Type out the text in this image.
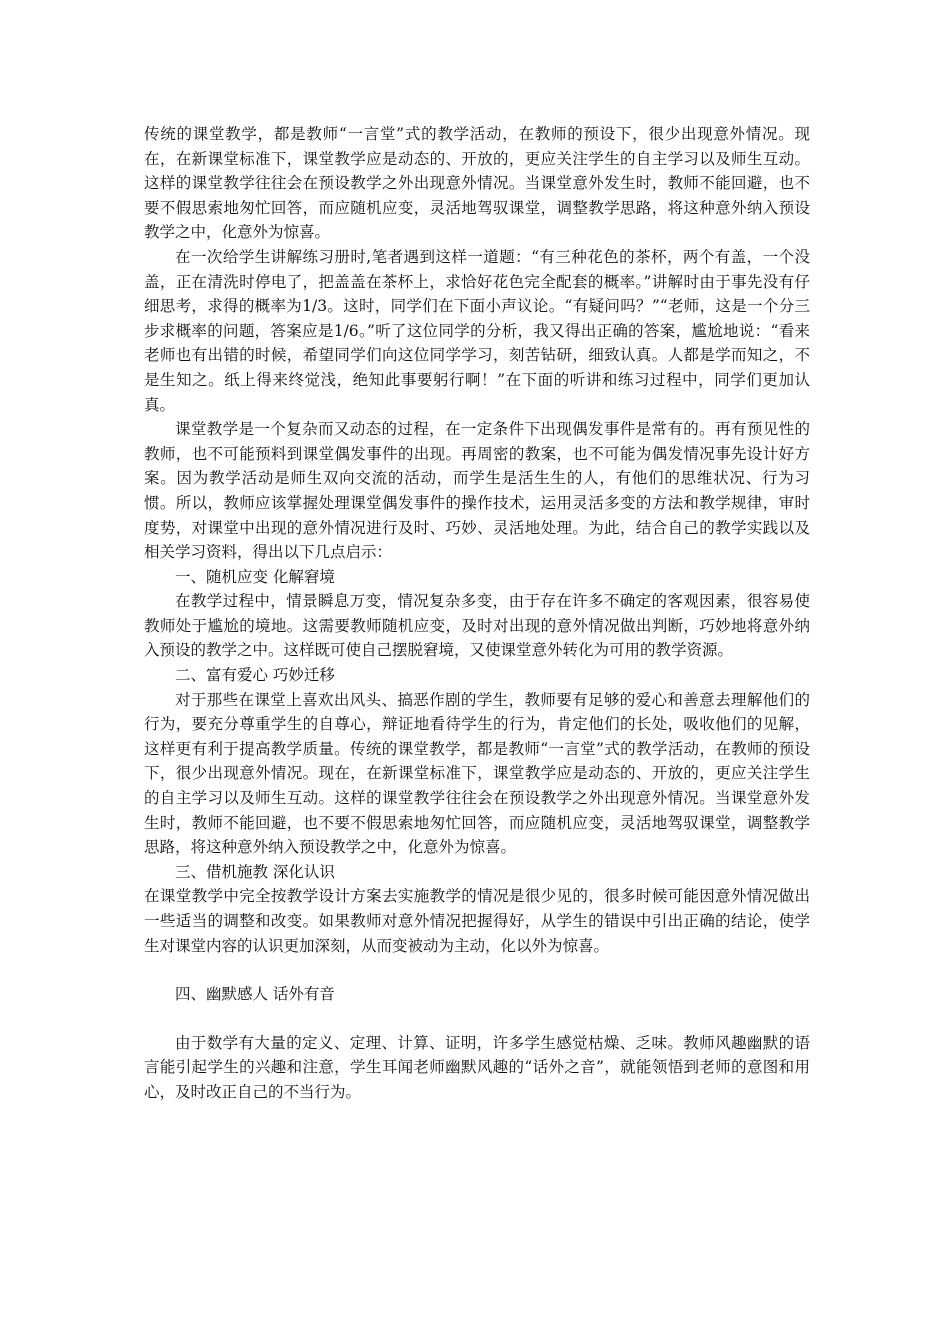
传统的课堂教学，都是教师“一言堂”式的教学活动，在教师的预设下，很少出现意外情况。现在，在新课堂标准下，课堂教学应是动态的、开放的，更应关注学生的自主学习以及师生互动。这样的课堂教学往往会在预设教学之外出现意外情况。当课堂意外发生时，教师不能回避，也不要不假思索地匆忙回答，而应随机应变，灵活地驾驭课堂，调整教学思路，将这种意外纳入预设教学之中，化意外为惊喜。

在一次给学生讲解练习册时,笔者遇到这样一道题：“有三种花色的茶杯，两个有盖，一个没盖，正在清洗时停电了，把盖盖在茶杯上，求恰好花色完全配套的概率。”讲解时由于事先没有仔细思考，求得的概率为1/3。这时，同学们在下面小声议论。“有疑问吗？”“老师，这是一个分三步求概率的问题，答案应是1/6。”听了这位同学的分析，我又得出正确的答案，尴尬地说：“看来老师也有出错的时候，希望同学们向这位同学学习，刻苦钻研，细致认真。人都是学而知之，不是生知之。纸上得来终觉浅，绝知此事要躬行啊！”在下面的听讲和练习过程中，同学们更加认真。

课堂教学是一个复杂而又动态的过程，在一定条件下出现偶发事件是常有的。再有预见性的教师，也不可能预料到课堂偶发事件的出现。再周密的教案，也不可能为偶发情况事先设计好方案。因为教学活动是师生双向交流的活动，而学生是活生生的人，有他们的思维状况、行为习惯。所以，教师应该掌握处理课堂偶发事件的操作技术，运用灵活多变的方法和教学规律，审时度势，对课堂中出现的意外情况进行及时、巧妙、灵活地处理。为此，结合自己的教学实践以及相关学习资料，得出以下几点启示：

一、随机应变 化解窘境

在教学过程中，情景瞬息万变，情况复杂多变，由于存在许多不确定的客观因素，很容易使教师处于尴尬的境地。这需要教师随机应变，及时对出现的意外情况做出判断，巧妙地将意外纳入预设的教学之中。这样既可使自己摆脱窘境，又使课堂意外转化为可用的教学资源。

二、富有爱心 巧妙迁移

对于那些在课堂上喜欢出风头、搞恶作剧的学生，教师要有足够的爱心和善意去理解他们的行为，要充分尊重学生的自尊心，辩证地看待学生的行为，肯定他们的长处，吸收他们的见解，这样更有利于提高教学质量。传统的课堂教学，都是教师“一言堂”式的教学活动，在教师的预设下，很少出现意外情况。现在，在新课堂标准下，课堂教学应是动态的、开放的，更应关注学生的自主学习以及师生互动。这样的课堂教学往往会在预设教学之外出现意外情况。当课堂意外发生时，教师不能回避，也不要不假思索地匆忙回答，而应随机应变，灵活地驾驭课堂，调整教学思路，将这种意外纳入预设教学之中，化意外为惊喜。

三、借机施教 深化认识

在课堂教学中完全按教学设计方案去实施教学的情况是很少见的，很多时候可能因意外情况做出一些适当的调整和改变。如果教师对意外情况把握得好，从学生的错误中引出正确的结论，使学生对课堂内容的认识更加深刻，从而变被动为主动，化以外为惊喜。

四、幽默感人 话外有音

由于数学有大量的定义、定理、计算、证明，许多学生感觉枯燥、乏味。教师风趣幽默的语言能引起学生的兴趣和注意，学生耳闻老师幽默风趣的“话外之音”，就能领悟到老师的意图和用心，及时改正自己的不当行为。
